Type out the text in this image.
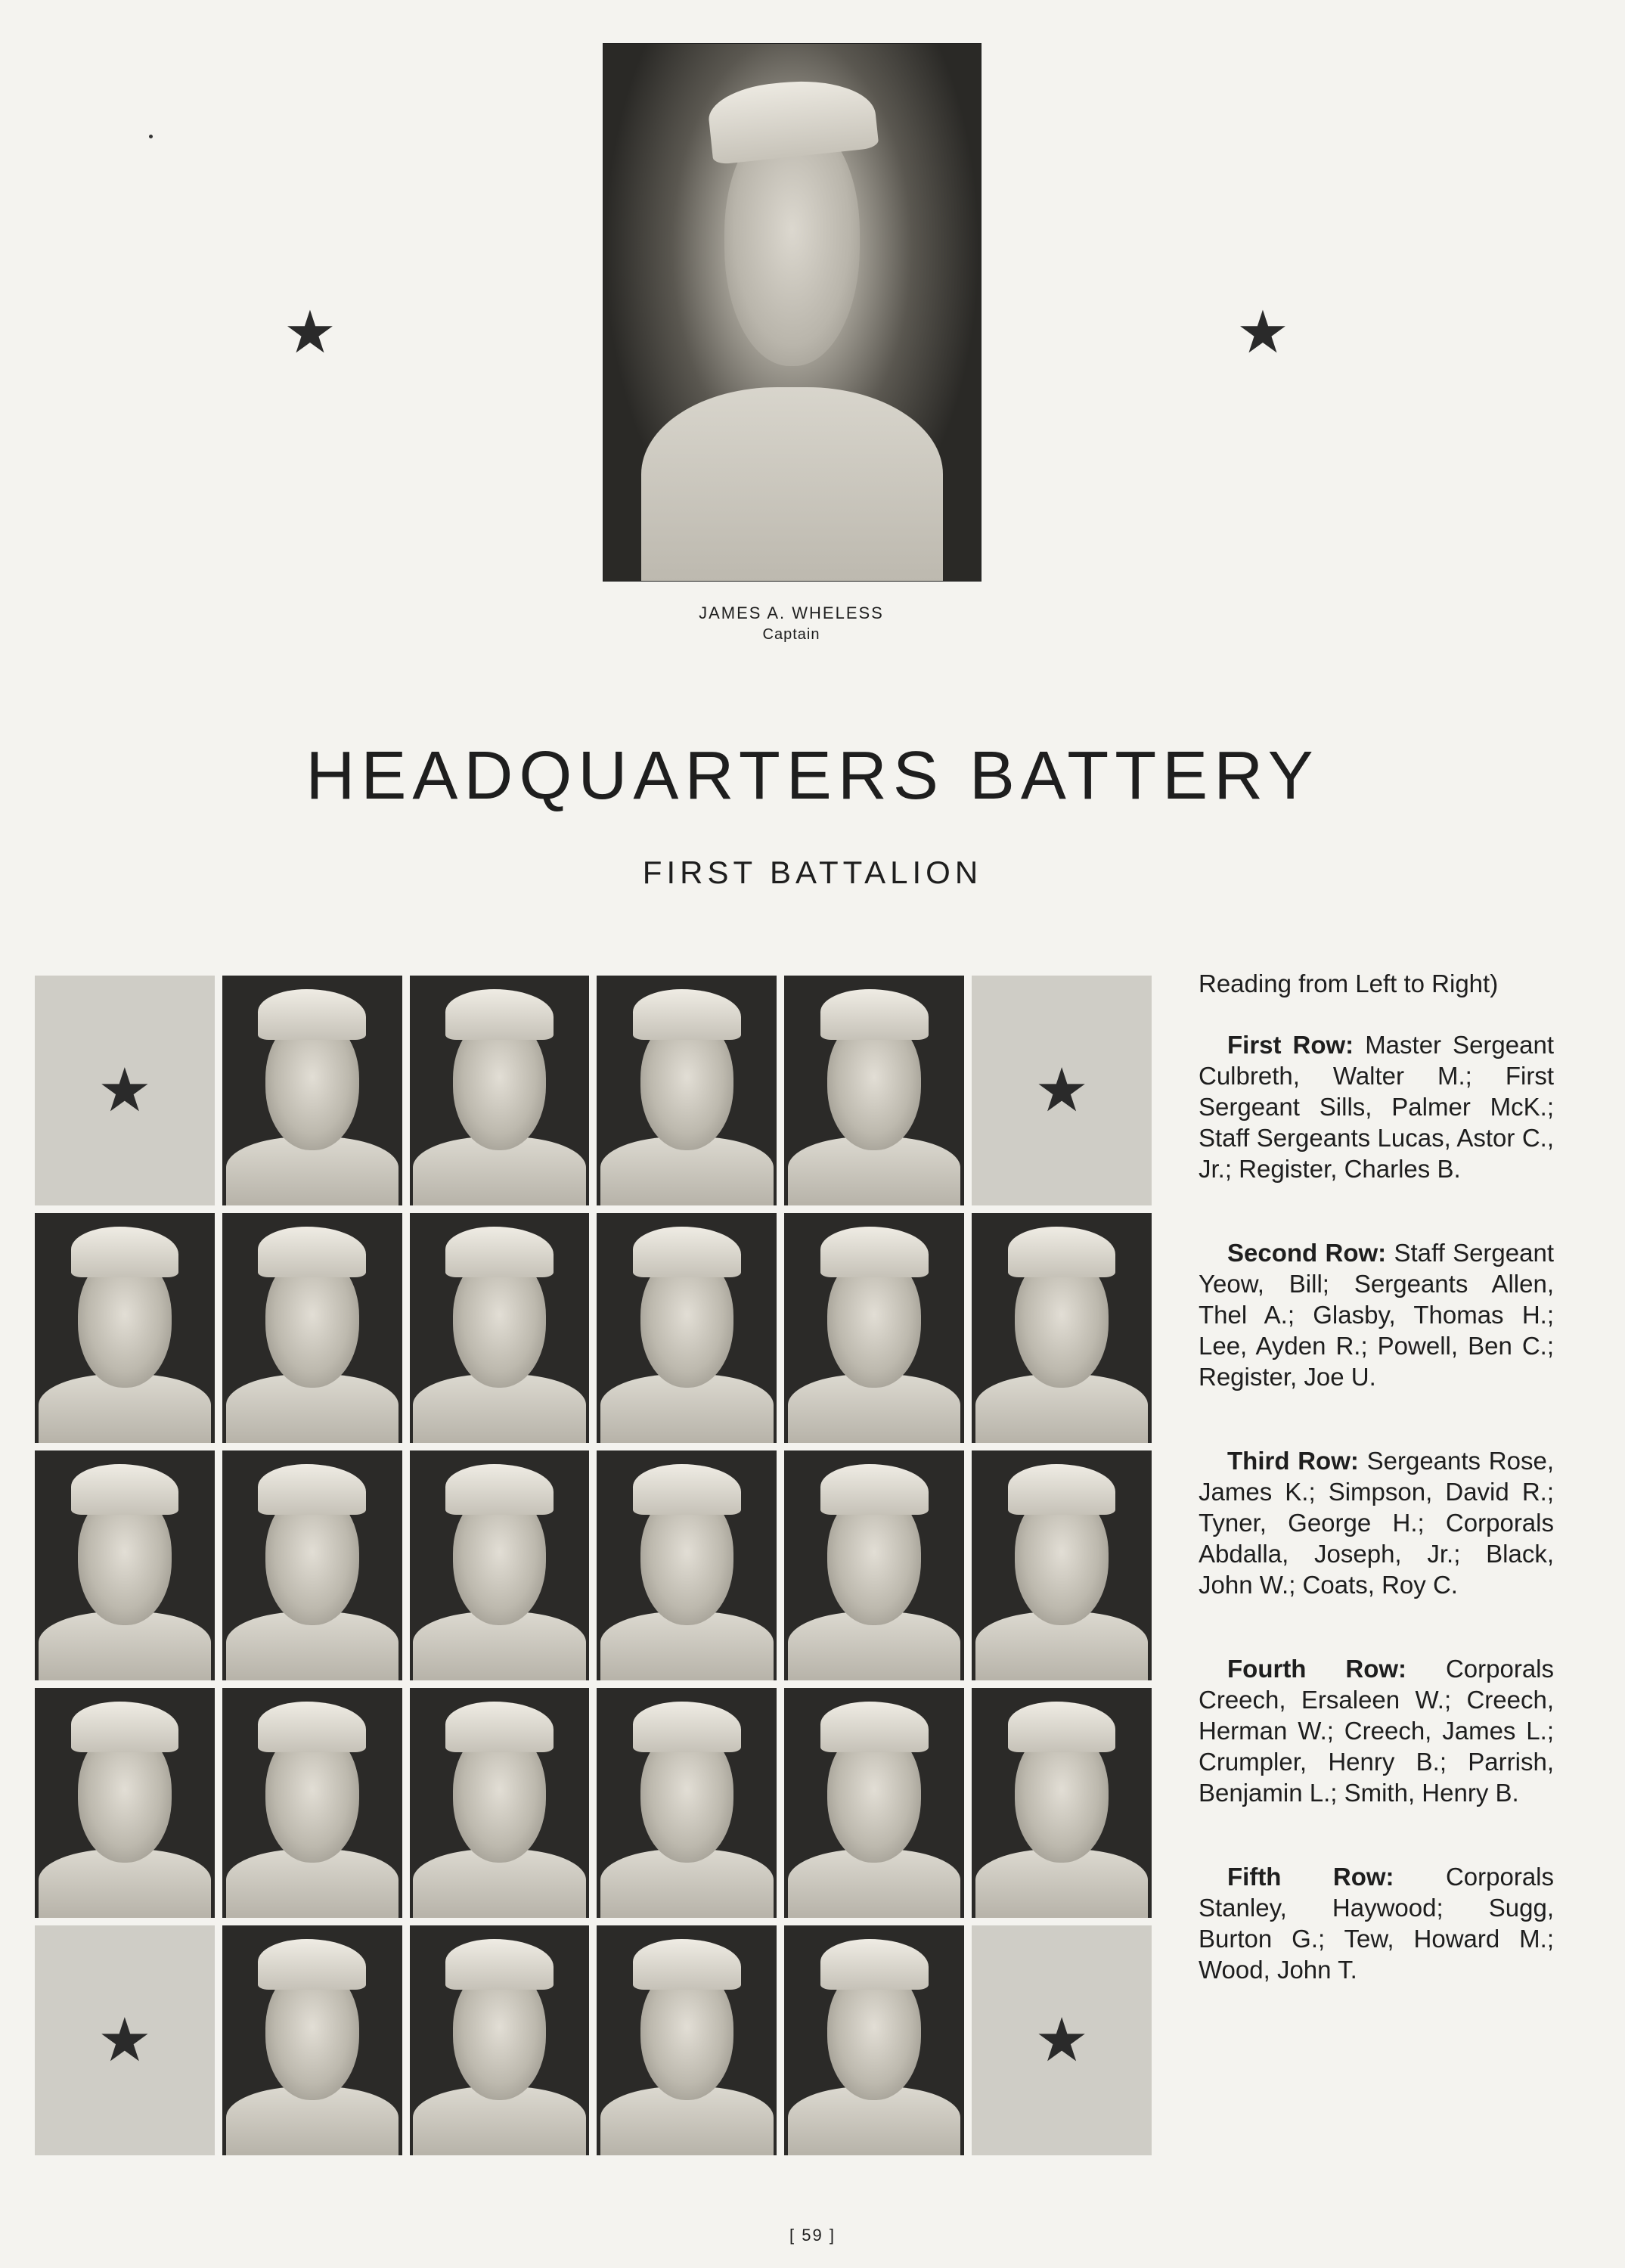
★	★
JAMES A. WHELESS
Captain
HEADQUARTERS BATTERY
FIRST BATTALION
★	★
★	★

Reading from Left to Right)

First Row: Master Sergeant Culbreth, Walter M.; First Sergeant Sills, Palmer McK.; Staff Sergeants Lucas, Astor C., Jr.; Register, Charles B.

Second Row: Staff Sergeant Yeow, Bill; Sergeants Allen, Thel A.; Glasby, Thomas H.; Lee, Ayden R.; Powell, Ben C.; Register, Joe U.

Third Row: Sergeants Rose, James K.; Simpson, David R.; Tyner, George H.; Corporals Abdalla, Joseph, Jr.; Black, John W.; Coats, Roy C.

Fourth Row: Corporals Creech, Ersaleen W.; Creech, Herman W.; Creech, James L.; Crumpler, Henry B.; Parrish, Benjamin L.; Smith, Henry B.

Fifth Row: Corporals Stanley, Haywood; Sugg, Burton G.; Tew, Howard M.; Wood, John T.

[ 59 ]
